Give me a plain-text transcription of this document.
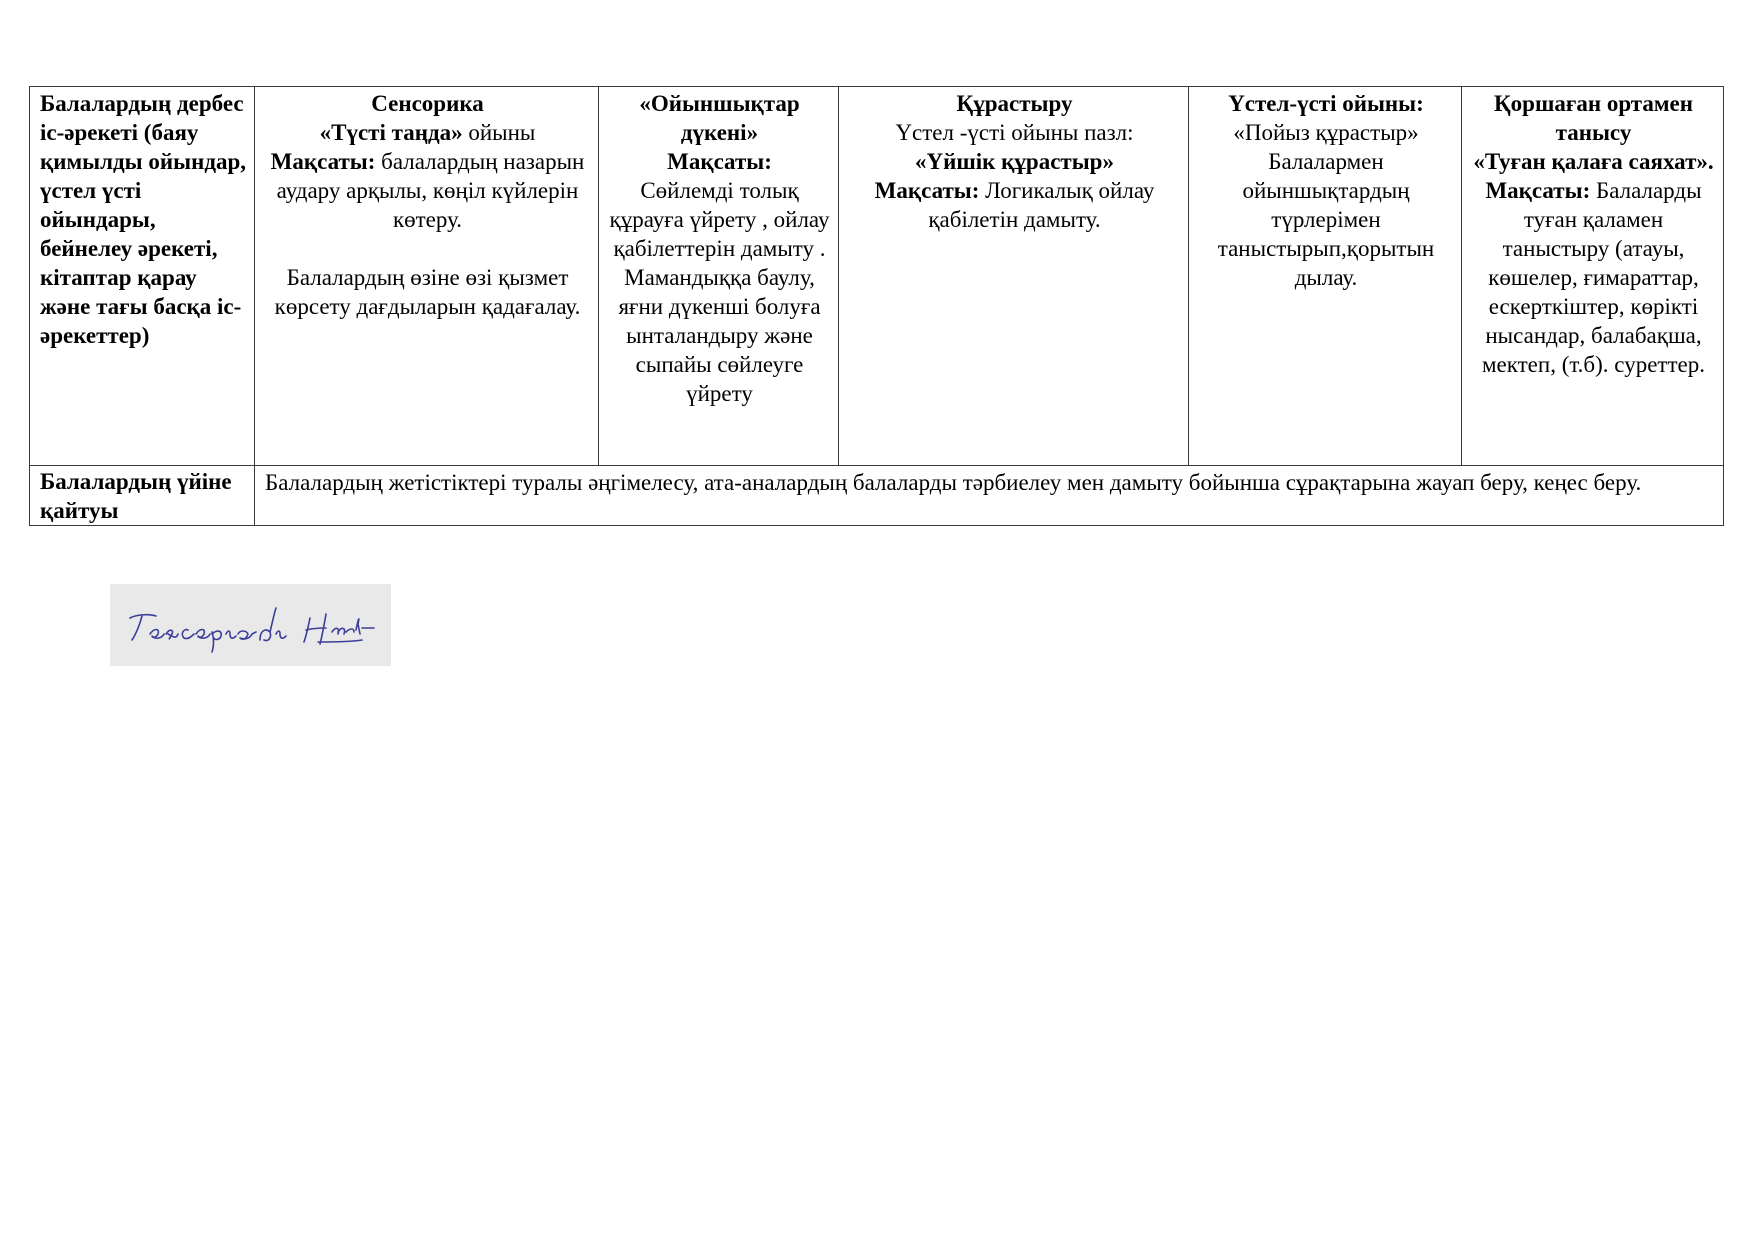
Балалардың дербес іс-әрекеті (баяу қимылды ойындар, үстел үсті ойындары, бейнелеу әрекеті, кітаптар қарау және тағы басқа іс-әрекеттер)	Сенсорика
«Түсті таңда» ойыны
Мақсаты: балалардың назарын аудару арқылы, көңіл күйлерін көтеру.
Балалардың өзіне өзі қызмет көрсету дағдыларын қадағалау.	«Ойыншықтар дүкені»
Мақсаты:
Сөйлемді толық құрауға үйрету , ойлау қабілеттерін дамыту . Мамандыққа баулу, яғни дүкенші болуға ынталандыру және сыпайы сөйлеуге үйрету	Құрастыру
Үстел -үсті ойыны пазл:
«Үйшік құрастыр»
Мақсаты: Логикалық ойлау қабілетін дамыту.	Үстел-үсті ойыны:
«Пойыз құрастыр»
Балалармен ойыншықтардың түрлерімен таныстырып,қорытын дылау.	Қоршаған ортамен танысу
«Туған қалаға саяхат».
Мақсаты: Балаларды туған қаламен таныстыру (атауы, көшелер, ғимараттар, ескерткіштер, көрікті нысандар, балабақша, мектеп, (т.б). суреттер.
Балалардың үйіне қайтуы	Балалардың жетістіктері туралы әңгімелесу, ата-аналардың балаларды тәрбиелеу мен дамыту бойынша сұрақтарына жауап беру, кеңес беру.				
